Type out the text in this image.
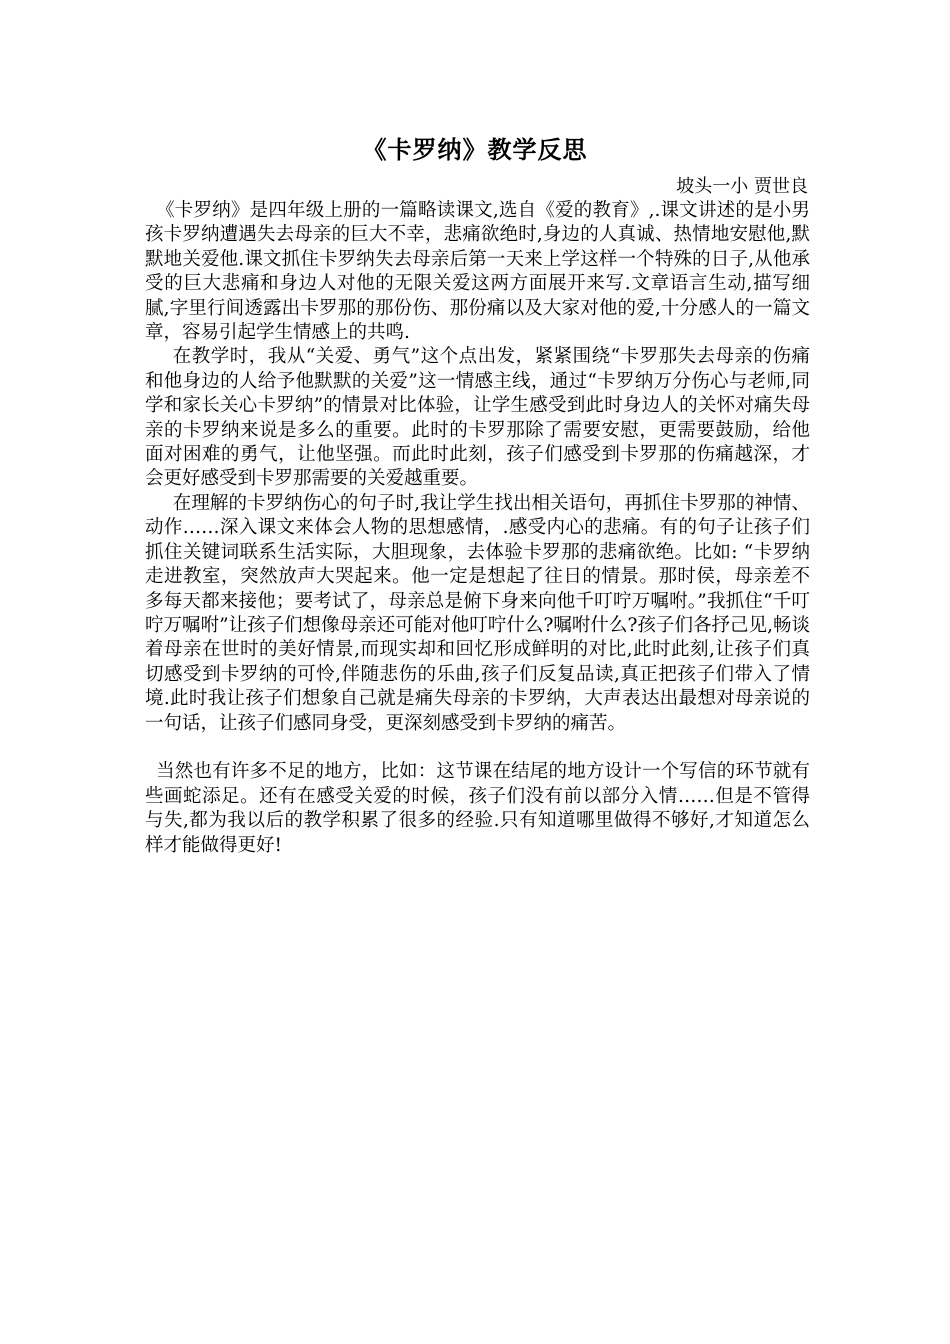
《卡罗纳》教学反思
坡头一小 贾世良

《卡罗纳》是四年级上册的一篇略读课文,选自《爱的教育》,.课文讲述的是小男孩卡罗纳遭遇失去母亲的巨大不幸，悲痛欲绝时,身边的人真诚、热情地安慰他,默默地关爱他.课文抓住卡罗纳失去母亲后第一天来上学这样一个特殊的日子,从他承受的巨大悲痛和身边人对他的无限关爱这两方面展开来写.文章语言生动,描写细腻,字里行间透露出卡罗那的那份伤、那份痛以及大家对他的爱,十分感人的一篇文章，容易引起学生情感上的共鸣.

在教学时，我从“关爱、勇气”这个点出发，紧紧围绕“卡罗那失去母亲的伤痛和他身边的人给予他默默的关爱”这一情感主线，通过“卡罗纳万分伤心与老师,同学和家长关心卡罗纳”的情景对比体验，让学生感受到此时身边人的关怀对痛失母亲的卡罗纳来说是多么的重要。此时的卡罗那除了需要安慰，更需要鼓励，给他面对困难的勇气，让他坚强。而此时此刻，孩子们感受到卡罗那的伤痛越深，才会更好感受到卡罗那需要的关爱越重要。

在理解的卡罗纳伤心的句子时,我让学生找出相关语句，再抓住卡罗那的神情、动作……深入课文来体会人物的思想感情，.感受内心的悲痛。有的句子让孩子们抓住关键词联系生活实际，大胆现象，去体验卡罗那的悲痛欲绝。比如: “卡罗纳走进教室，突然放声大哭起来。他一定是想起了往日的情景。那时侯，母亲差不多每天都来接他；要考试了，母亲总是俯下身来向他千叮咛万嘱咐。”我抓住“千叮咛万嘱咐”让孩子们想像母亲还可能对他叮咛什么?嘱咐什么?孩子们各抒己见,畅谈着母亲在世时的美好情景,而现实却和回忆形成鲜明的对比,此时此刻,让孩子们真切感受到卡罗纳的可怜,伴随悲伤的乐曲,孩子们反复品读,真正把孩子们带入了情境.此时我让孩子们想象自己就是痛失母亲的卡罗纳，大声表达出最想对母亲说的一句话，让孩子们感同身受，更深刻感受到卡罗纳的痛苦。

当然也有许多不足的地方，比如：这节课在结尾的地方设计一个写信的环节就有些画蛇添足。还有在感受关爱的时候，孩子们没有前以部分入情……但是不管得与失,都为我以后的教学积累了很多的经验.只有知道哪里做得不够好,才知道怎么样才能做得更好!
